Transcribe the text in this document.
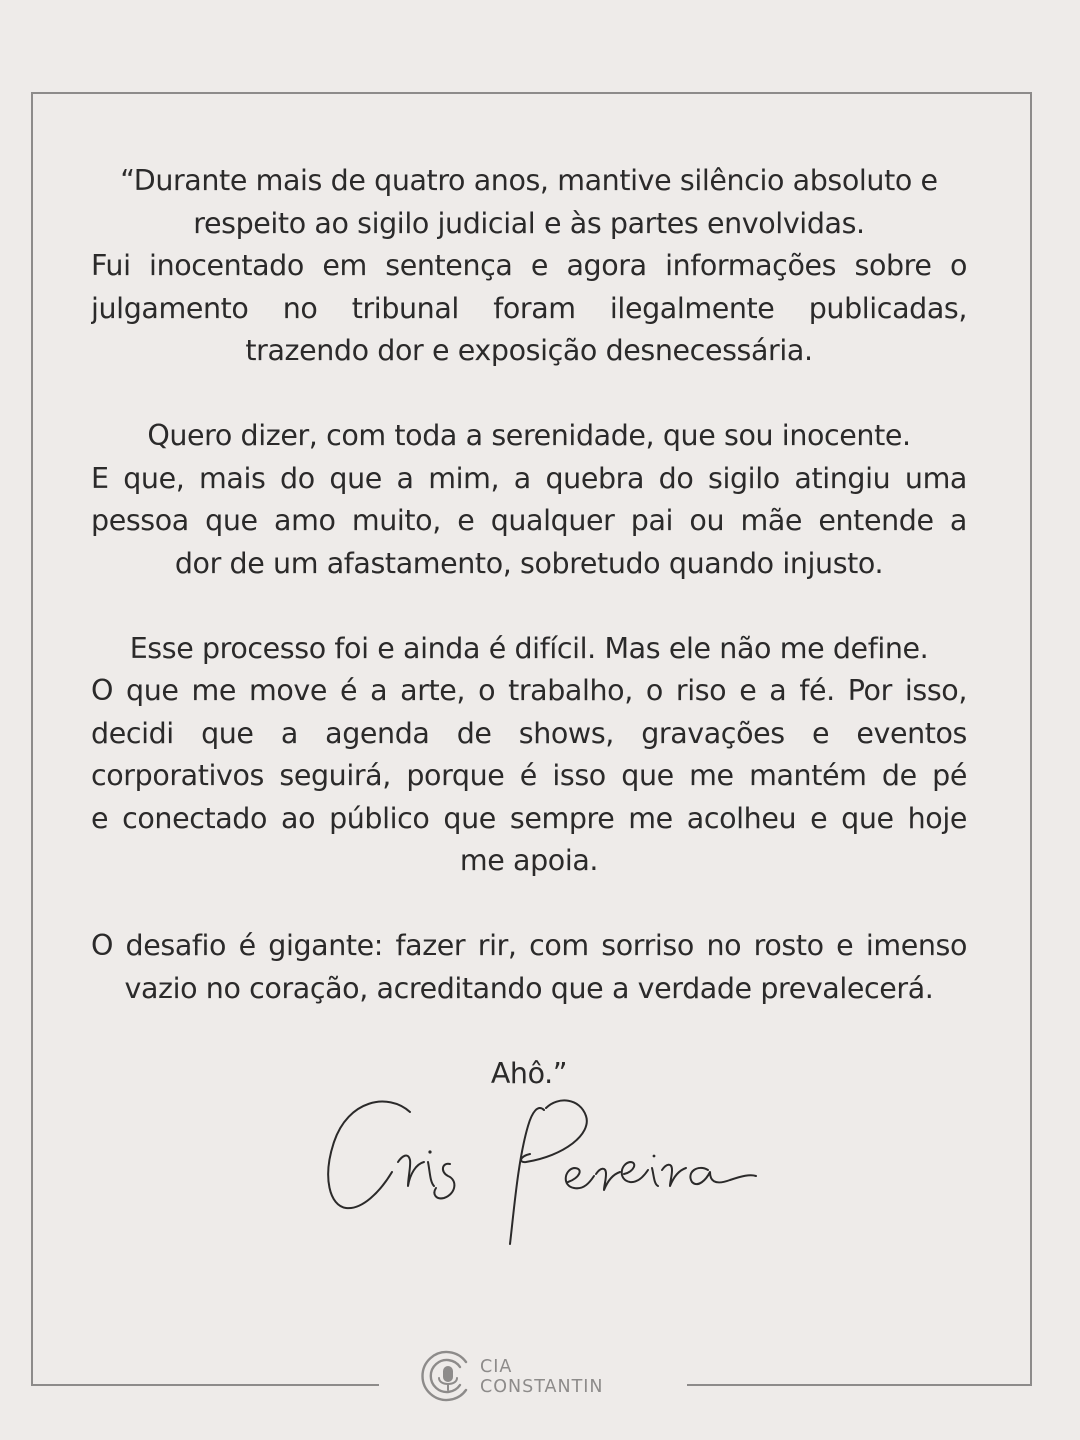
“Durante mais de quatro anos, mantive silêncio absoluto e
respeito ao sigilo judicial e às partes envolvidas.
Fui inocentado em sentença e agora informações sobre o
julgamento no tribunal foram ilegalmente publicadas,
trazendo dor e exposição desnecessária.
Quero dizer, com toda a serenidade, que sou inocente.
E que, mais do que a mim, a quebra do sigilo atingiu uma
pessoa que amo muito, e qualquer pai ou mãe entende a
dor de um afastamento, sobretudo quando injusto.
Esse processo foi e ainda é difícil. Mas ele não me define.
O que me move é a arte, o trabalho, o riso e a fé. Por isso,
decidi que a agenda de shows, gravações e eventos
corporativos seguirá, porque é isso que me mantém de pé
e conectado ao público que sempre me acolheu e que hoje
me apoia.
O desafio é gigante: fazer rir, com sorriso no rosto e imenso
vazio no coração, acreditando que a verdade prevalecerá.
Ahô.”
CIA
CONSTANTIN
